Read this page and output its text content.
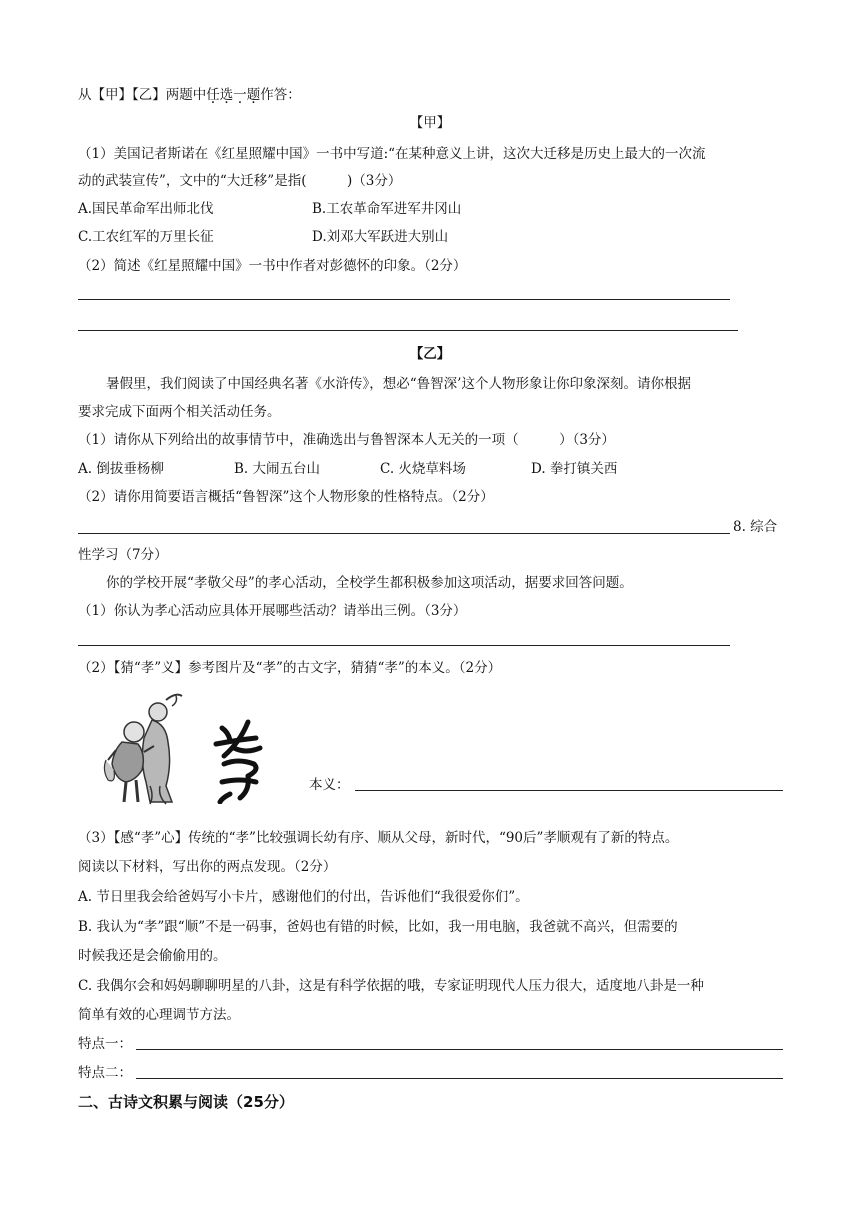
从【甲】【乙】两题中任选一题作答：
【甲】
（1）美国记者斯诺在《红星照耀中国》一书中写道:“在某种意义上讲，这次大迁移是历史上最大的一次流
动的武装宣传”，文中的“大迁移”是指(　　　)（3分）
A.国民革命军出师北伐	B.工农革命军进军井冈山
C.工农红军的万里长征	D.刘邓大军跃进大别山
（2）简述《红星照耀中国》一书中作者对彭德怀的印象。（2分）
【乙】
暑假里，我们阅读了中国经典名著《水浒传》，想必“鲁智深’这个人物形象让你印象深刻。请你根据
要求完成下面两个相关活动任务。
（1）请你从下列给出的故事情节中，准确选出与鲁智深本人无关的一项（　　　）（3分）
A. 倒拔垂杨柳	B. 大闹五台山	C. 火烧草料场	D. 拳打镇关西
（2）请你用简要语言概括“鲁智深”这个人物形象的性格特点。（2分）
8. 综合
性学习（7分）
你的学校开展“孝敬父母”的孝心活动，全校学生都积极参加这项活动，据要求回答问题。
（1）你认为孝心活动应具体开展哪些活动？请举出三例。（3分）
（2）【猜“孝”义】参考图片及“孝”的古文字，猜猜“孝”的本义。（2分）
本义：
（3）【感“孝”心】传统的“孝”比较强调长幼有序、顺从父母，新时代，“90后”孝顺观有了新的特点。
阅读以下材料，写出你的两点发现。（2分）
A. 节日里我会给爸妈写小卡片，感谢他们的付出，告诉他们“我很爱你们”。
B. 我认为“孝”跟“顺”不是一码事，爸妈也有错的时候，比如，我一用电脑，我爸就不高兴，但需要的
时候我还是会偷偷用的。
C. 我偶尔会和妈妈聊聊明星的八卦，这是有科学依据的哦，专家证明现代人压力很大，适度地八卦是一种
简单有效的心理调节方法。
特点一：
特点二：
二、古诗文积累与阅读（25分）
